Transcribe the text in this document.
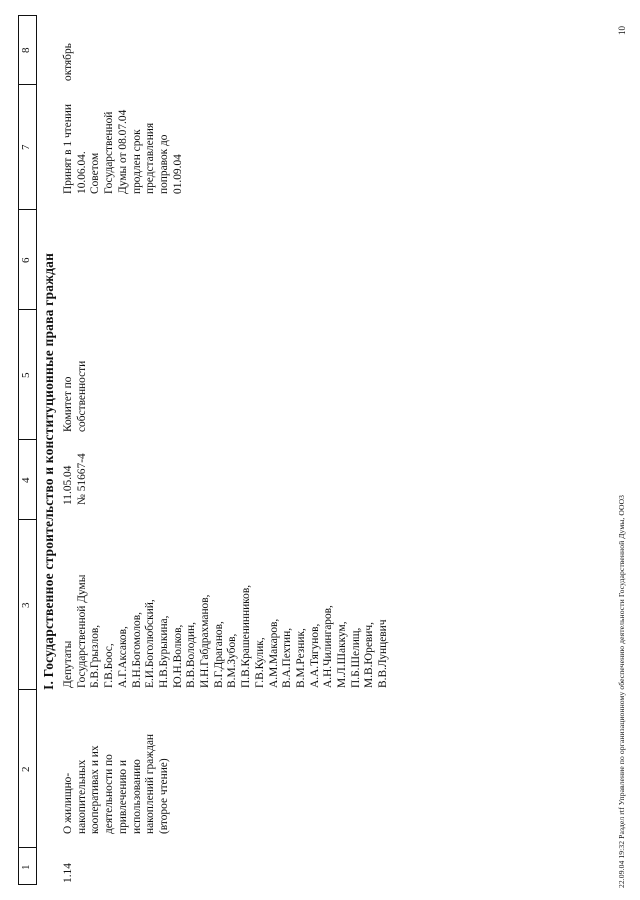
1
2
3
4
5
6
7
8
I. Государственное строительство и конституционные права граждан
1.14
О жилищно- накопительных кооперативах и их деятельности по привлечению и использованию накоплений граждан (второе чтение)
Депутаты Государственной Думы Б.В.Грызлов, Г.В.Боос, А.Г.Аксаков, В.Н.Богомолов, Е.И.Боголюбский, Н.В.Бурыкина, Ю.Н.Волков, В.В.Володин, И.Н.Габдрахманов, В.Г.Драганов, В.М.Зубов, П.В.Крашенинников, Г.В.Кулик, А.М.Макаров, В.А.Пехтин, В.М.Резник, А.А.Тягунов, А.Н.Чилингаров, М.Л.Шаккум, П.Б.Шелищ, М.В.Юревич, В.В.Лунцевич
11.05.04 № 51667-4
Комитет по собственности
Принят в 1 чтении 10.06.04. Советом Государственной Думы от 08.07.04 продлен срок представления поправок до 01.09.04
октябрь
22.09.04 19:32 Раздел rtf Управление по организационному обеспечению деятельности Государственной Думы, ООО3
10
